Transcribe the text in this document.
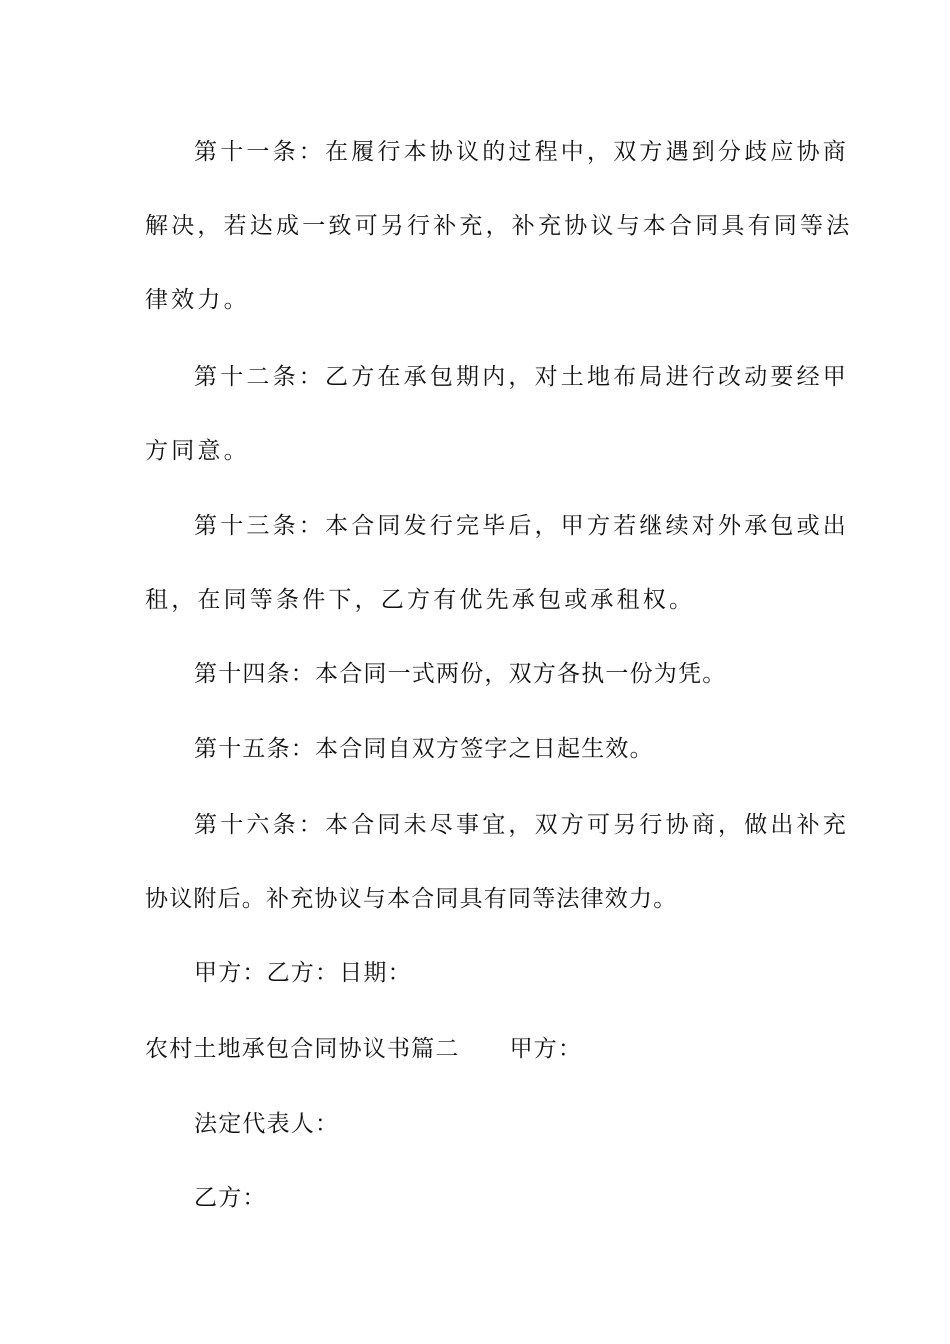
第十一条：在履行本协议的过程中，双方遇到分歧应协商
解决，若达成一致可另行补充，补充协议与本合同具有同等法
律效力。
第十二条：乙方在承包期内，对土地布局进行改动要经甲
方同意。
第十三条：本合同发行完毕后，甲方若继续对外承包或出
租，在同等条件下，乙方有优先承包或承租权。
第十四条：本合同一式两份，双方各执一份为凭。
第十五条：本合同自双方签字之日起生效。
第十六条：本合同未尽事宜，双方可另行协商，做出补充
协议附后。补充协议与本合同具有同等法律效力。
甲方：乙方：日期：
农村土地承包合同协议书篇二 甲方：
法定代表人：
乙方：
